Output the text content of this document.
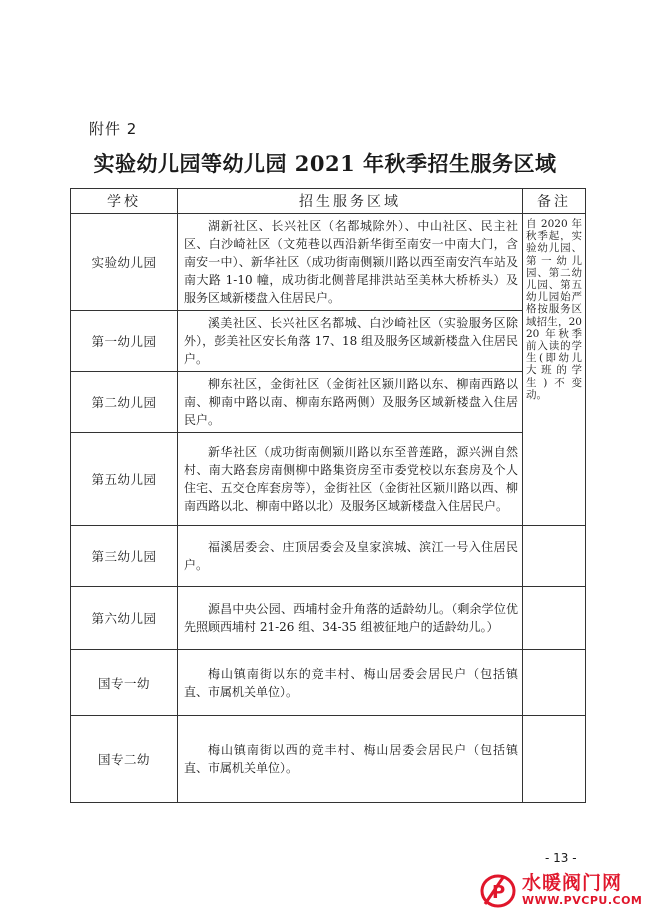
附件 2
实验幼儿园等幼儿园 2021 年秋季招生服务区域
学校	招生服务区域	备注
实验幼儿园	湖新社区、长兴社区（名都城除外）、中山社区、民主社区、白沙崎社区（文苑巷以西沿新华街至南安一中南大门，含南安一中）、新华社区（成功街南侧颍川路以西至南安汽车站及南大路 1-10 幢，成功街北侧普尾排洪站至美林大桥桥头）及服务区域新楼盘入住居民户。	自 2020 年秋季起，实验幼儿园、第一幼儿园、第二幼儿园、第五幼儿园始严格按服务区域招生，2020 年秋季前入读的学生(即幼儿大班的学生)不变动。
第一幼儿园	溪美社区、长兴社区名都城、白沙崎社区（实验服务区除外），彭美社区安长角落 17、18 组及服务区域新楼盘入住居民户。	
第二幼儿园	柳东社区，金街社区（金街社区颍川路以东、柳南西路以南、柳南中路以南、柳南东路两侧）及服务区域新楼盘入住居民户。	
第五幼儿园	新华社区（成功街南侧颍川路以东至普莲路，源兴洲自然村、南大路套房南侧柳中路集资房至市委党校以东套房及个人住宅、五交仓库套房等），金街社区（金街社区颍川路以西、柳南西路以北、柳南中路以北）及服务区域新楼盘入住居民户。	
第三幼儿园	福溪居委会、庄顶居委会及皇家滨城、滨江一号入住居民户。	
第六幼儿园	源昌中央公园、西埔村金升角落的适龄幼儿。（剩余学位优先照顾西埔村 21-26 组、34-35 组被征地户的适龄幼儿。）	
国专一幼	梅山镇南街以东的竞丰村、梅山居委会居民户（包括镇直、市属机关单位）。	
国专二幼	梅山镇南街以西的竞丰村、梅山居委会居民户（包括镇直、市属机关单位）。	
- 13 -
P 水暖阀门网
WWW.PVCPU.COM
